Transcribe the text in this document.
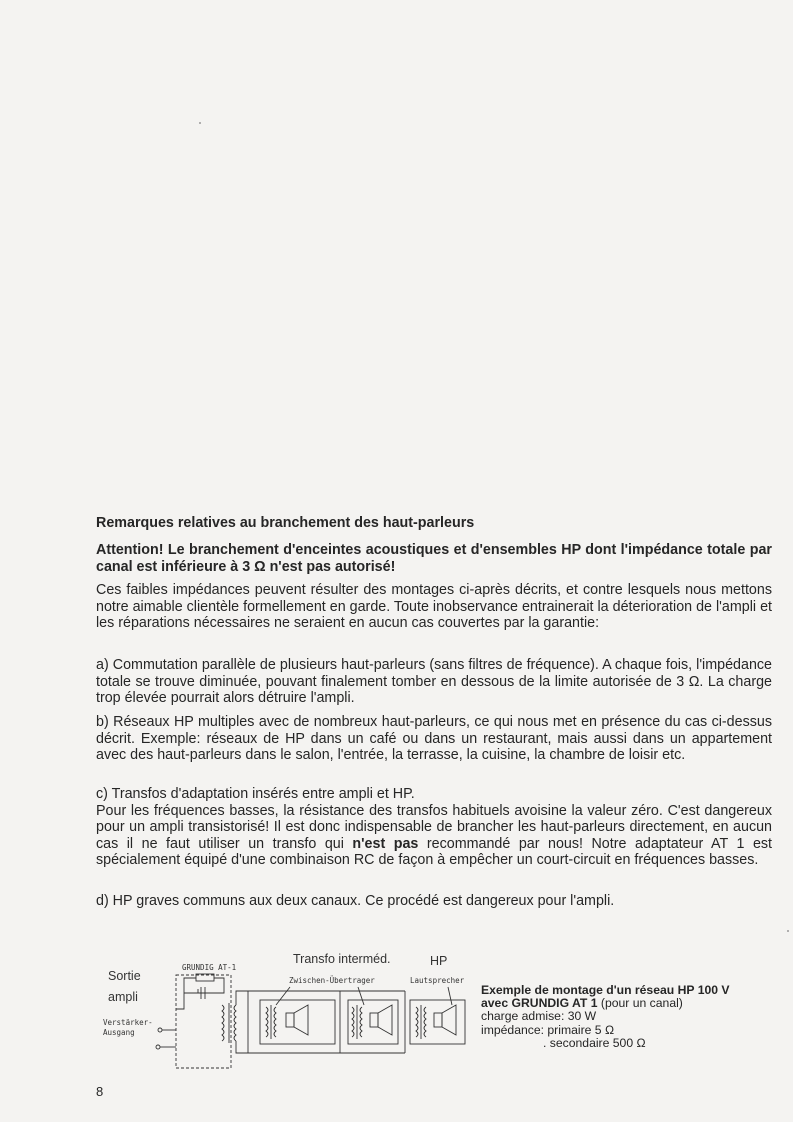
Remarques relatives au branchement des haut-parleurs
Attention! Le branchement d'enceintes acoustiques et d'ensembles HP dont l'impédance totale par canal est inférieure à 3 Ω n'est pas autorisé!

Ces faibles impédances peuvent résulter des montages ci-après décrits, et contre lesquels nous mettons notre aimable clientèle formellement en garde. Toute inobservance entrainerait la déterioration de l'ampli et les réparations nécessaires ne seraient en aucun cas couvertes par la garantie:

a) Commutation parallèle de plusieurs haut-parleurs (sans filtres de fréquence). A chaque fois, l'impédance totale se trouve diminuée, pouvant finalement tomber en dessous de la limite autorisée de 3 Ω. La charge trop élevée pourrait alors détruire l'ampli.

b) Réseaux HP multiples avec de nombreux haut-parleurs, ce qui nous met en présence du cas ci-dessus décrit. Exemple: réseaux de HP dans un café ou dans un restaurant, mais aussi dans un appartement avec des haut-parleurs dans le salon, l'entrée, la terrasse, la cuisine, la chambre de loisir etc.

c) Transfos d'adaptation insérés entre ampli et HP.

Pour les fréquences basses, la résistance des transfos habituels avoisine la valeur zéro. C'est dangereux pour un ampli transistorisé! Il est donc indispensable de brancher les haut-parleurs directement, en aucun cas il ne faut utiliser un transfo qui n'est pas recommandé par nous! Notre adaptateur AT 1 est spécialement équipé d'une combinaison RC de façon à empêcher un court-circuit en fréquences basses.

d) HP graves communs aux deux canaux. Ce procédé est dangereux pour l'ampli.

Sortie
ampli
Verstärker-
Ausgang
GRUNDIG AT-1
Transfo interméd.
Zwischen-Übertrager
HP
Lautsprecher
Exemple de montage d'un réseau HP 100 V
avec GRUNDIG AT 1 (pour un canal)
charge admise: 30 W
impédance: primaire 5 Ω
. secondaire 500 Ω
8
